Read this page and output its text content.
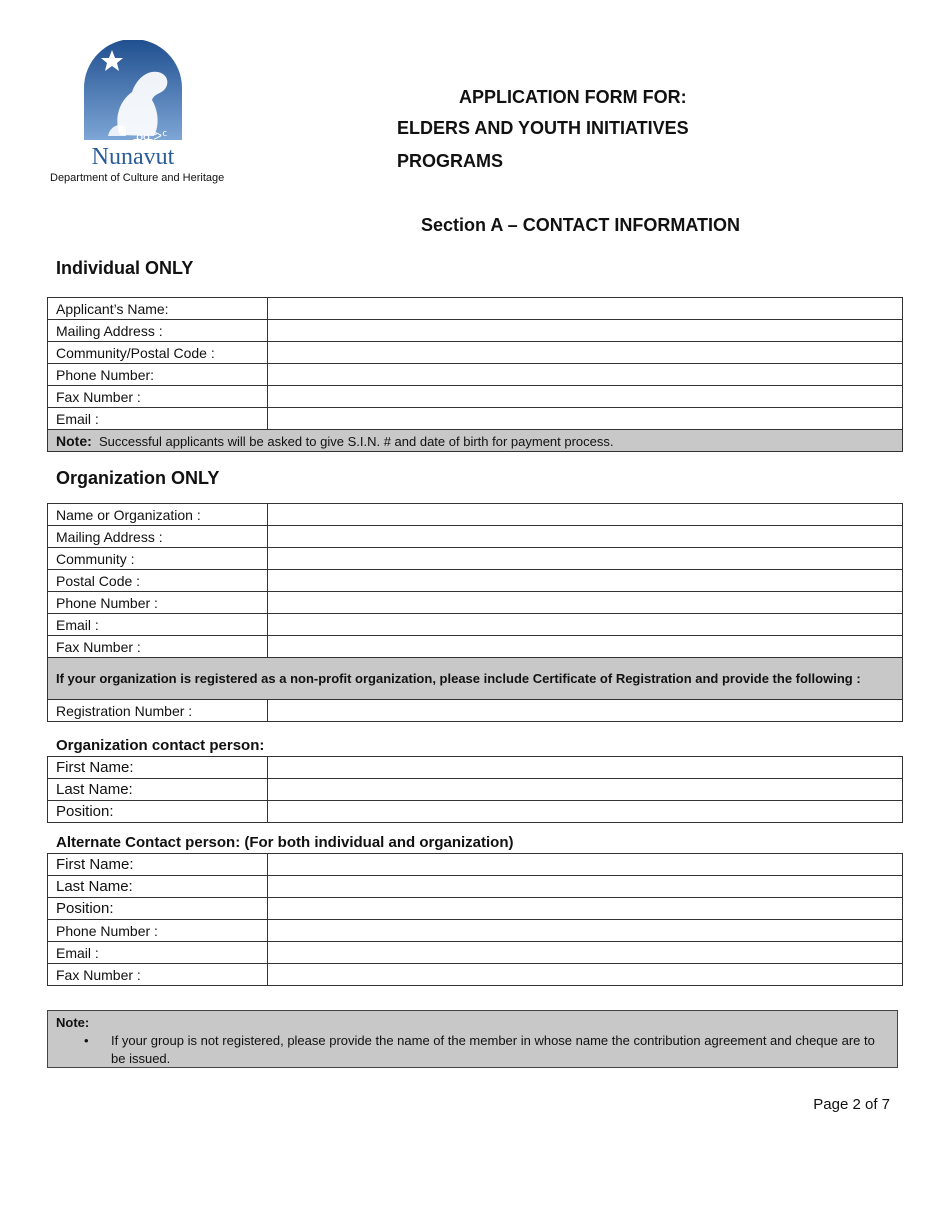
ᓄᓇᕗᑦ
Nunavut
Department of Culture and Heritage
APPLICATION FORM FOR:
ELDERS AND YOUTH INITIATIVES
PROGRAMS
Section A – CONTACT INFORMATION
Individual ONLY
Applicant’s Name:	
Mailing Address :	
Community/Postal Code :	
Phone Number:	
Fax Number :	
Email :	
Note: Successful applicants will be asked to give S.I.N. # and date of birth for payment process.	
Organization ONLY
Name or Organization :	
Mailing Address :	
Community :	
Postal Code :	
Phone Number :	
Email :	
Fax Number :	
If your organization is registered as a non-profit organization, please include Certificate of Registration and provide the following :	
Registration Number :	
Organization contact person:
First Name:	
Last Name:	
Position:	
Alternate Contact person: (For both individual and organization)
First Name:	
Last Name:	
Position:	
Phone Number :	
Email :	
Fax Number :	
Note:
• If your group is not registered, please provide the name of the member in whose name the contribution agreement and cheque are to be issued.
Page 2 of 7
